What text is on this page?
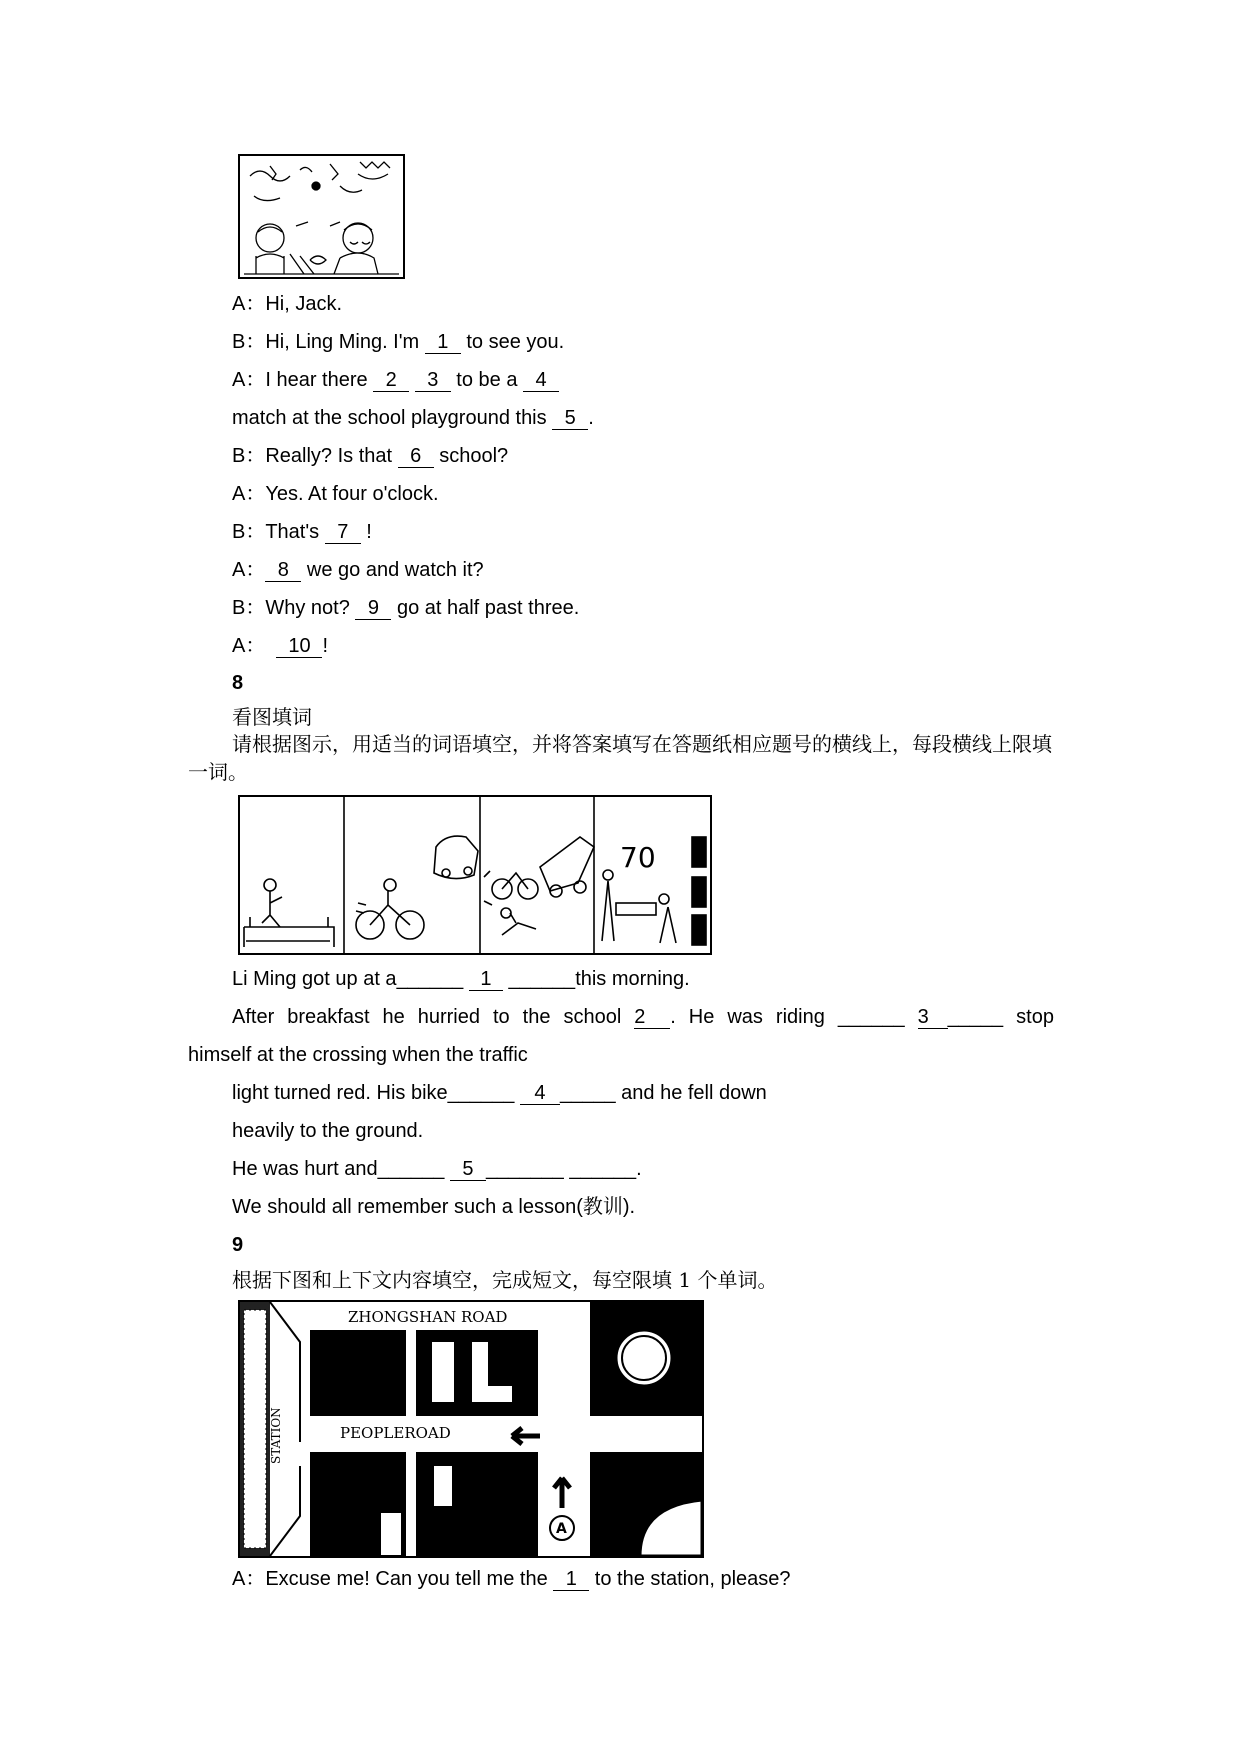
A：Hi, Jack.
B：Hi, Ling Ming. I'm 1 to see you.
A：I hear there 2 3 to be a 4
match at the school playground this 5 .
B：Really? Is that 6 school?
A：Yes. At four o'clock.
B：That's 7 !
A： 8 we go and watch it?
B：Why not? 9 go at half past three.
A： 10 !
8
看图填词
请根据图示，用适当的词语填空，并将答案填写在答题纸相应题号的横线上，每段横线上限填一词。
70
Li Ming got up at a______ 1 ______this morning.
After breakfast he hurried to the school 2 . He was riding ______ 3 _____ stop
himself at the crossing when the traffic
light turned red. His bike______ 4 _____ and he fell down
heavily to the ground.
He was hurt and______ 5 _______ ______.
We should all remember such a lesson(教训).
9
根据下图和上下文内容填空，完成短文，每空限填 1 个单词。
ZHONGSHAN ROAD
PEOPLEROAD
STATION
A
A：Excuse me! Can you tell me the 1 to the station, please?
